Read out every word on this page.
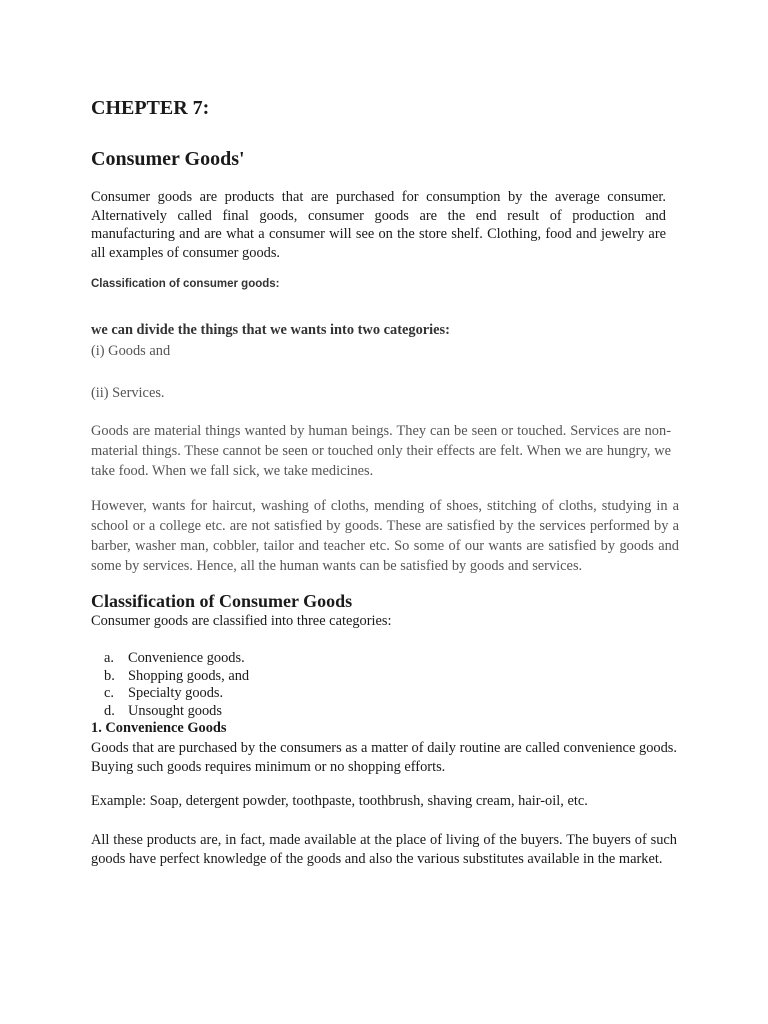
CHEPTER 7:
Consumer Goods'

Consumer goods are products that are purchased for consumption by the average consumer. Alternatively called final goods, consumer goods are the end result of production and manufacturing and are what a consumer will see on the store shelf. Clothing, food and jewelry are all examples of consumer goods.

Classification of consumer goods:

we can divide the things that we wants into two categories:

(i) Goods and

(ii) Services.

Goods are material things wanted by human beings. They can be seen or touched. Services are non-material things. These cannot be seen or touched only their effects are felt. When we are hungry, we take food. When we fall sick, we take medicines.

However, wants for haircut, washing of cloths, mending of shoes, stitching of cloths, studying in a school or a college etc. are not satisfied by goods. These are satisfied by the services performed by a barber, washer man, cobbler, tailor and teacher etc. So some of our wants are satisfied by goods and some by services. Hence, all the human wants can be satisfied by goods and services.

Classification of Consumer Goods

Consumer goods are classified into three categories:

a. Convenience goods.
b. Shopping goods, and
c. Specialty goods.
d. Unsought goods

1. Convenience Goods

Goods that are purchased by the consumers as a matter of daily routine are called convenience goods. Buying such goods requires minimum or no shopping efforts.

Example: Soap, detergent powder, toothpaste, toothbrush, shaving cream, hair-oil, etc.

All these products are, in fact, made available at the place of living of the buyers. The buyers of such goods have perfect knowledge of the goods and also the various substitutes available in the market.
